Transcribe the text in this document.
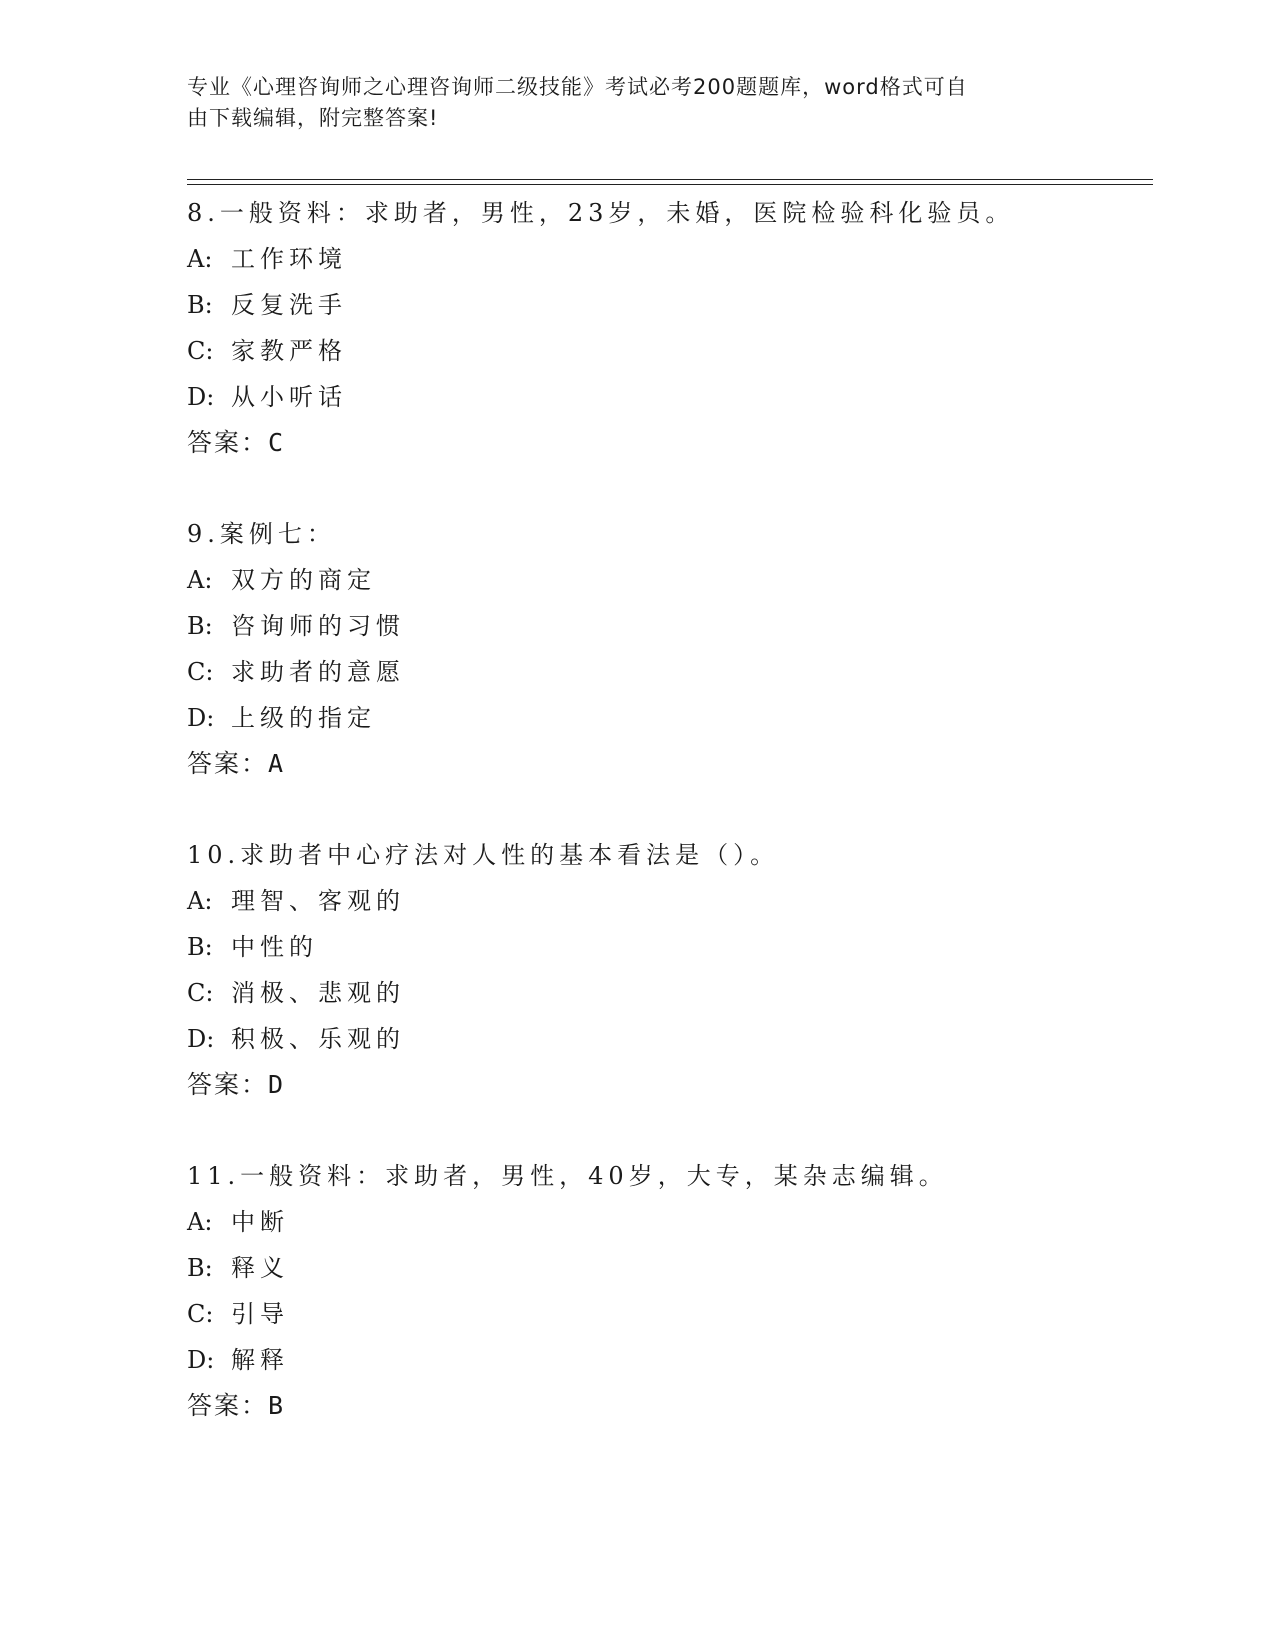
专业《心理咨询师之心理咨询师二级技能》考试必考200题题库，word格式可自
由下载编辑，附完整答案!
8.一般资料：求助者，男性，23岁，未婚，医院检验科化验员。
A: 工作环境
B: 反复洗手
C: 家教严格
D: 从小听话
答案：C
9.案例七：
A: 双方的商定
B: 咨询师的习惯
C: 求助者的意愿
D: 上级的指定
答案：A
10.求助者中心疗法对人性的基本看法是（）。
A: 理智、客观的
B: 中性的
C: 消极、悲观的
D: 积极、乐观的
答案：D
11.一般资料：求助者，男性，40岁，大专，某杂志编辑。
A: 中断
B: 释义
C: 引导
D: 解释
答案：B
